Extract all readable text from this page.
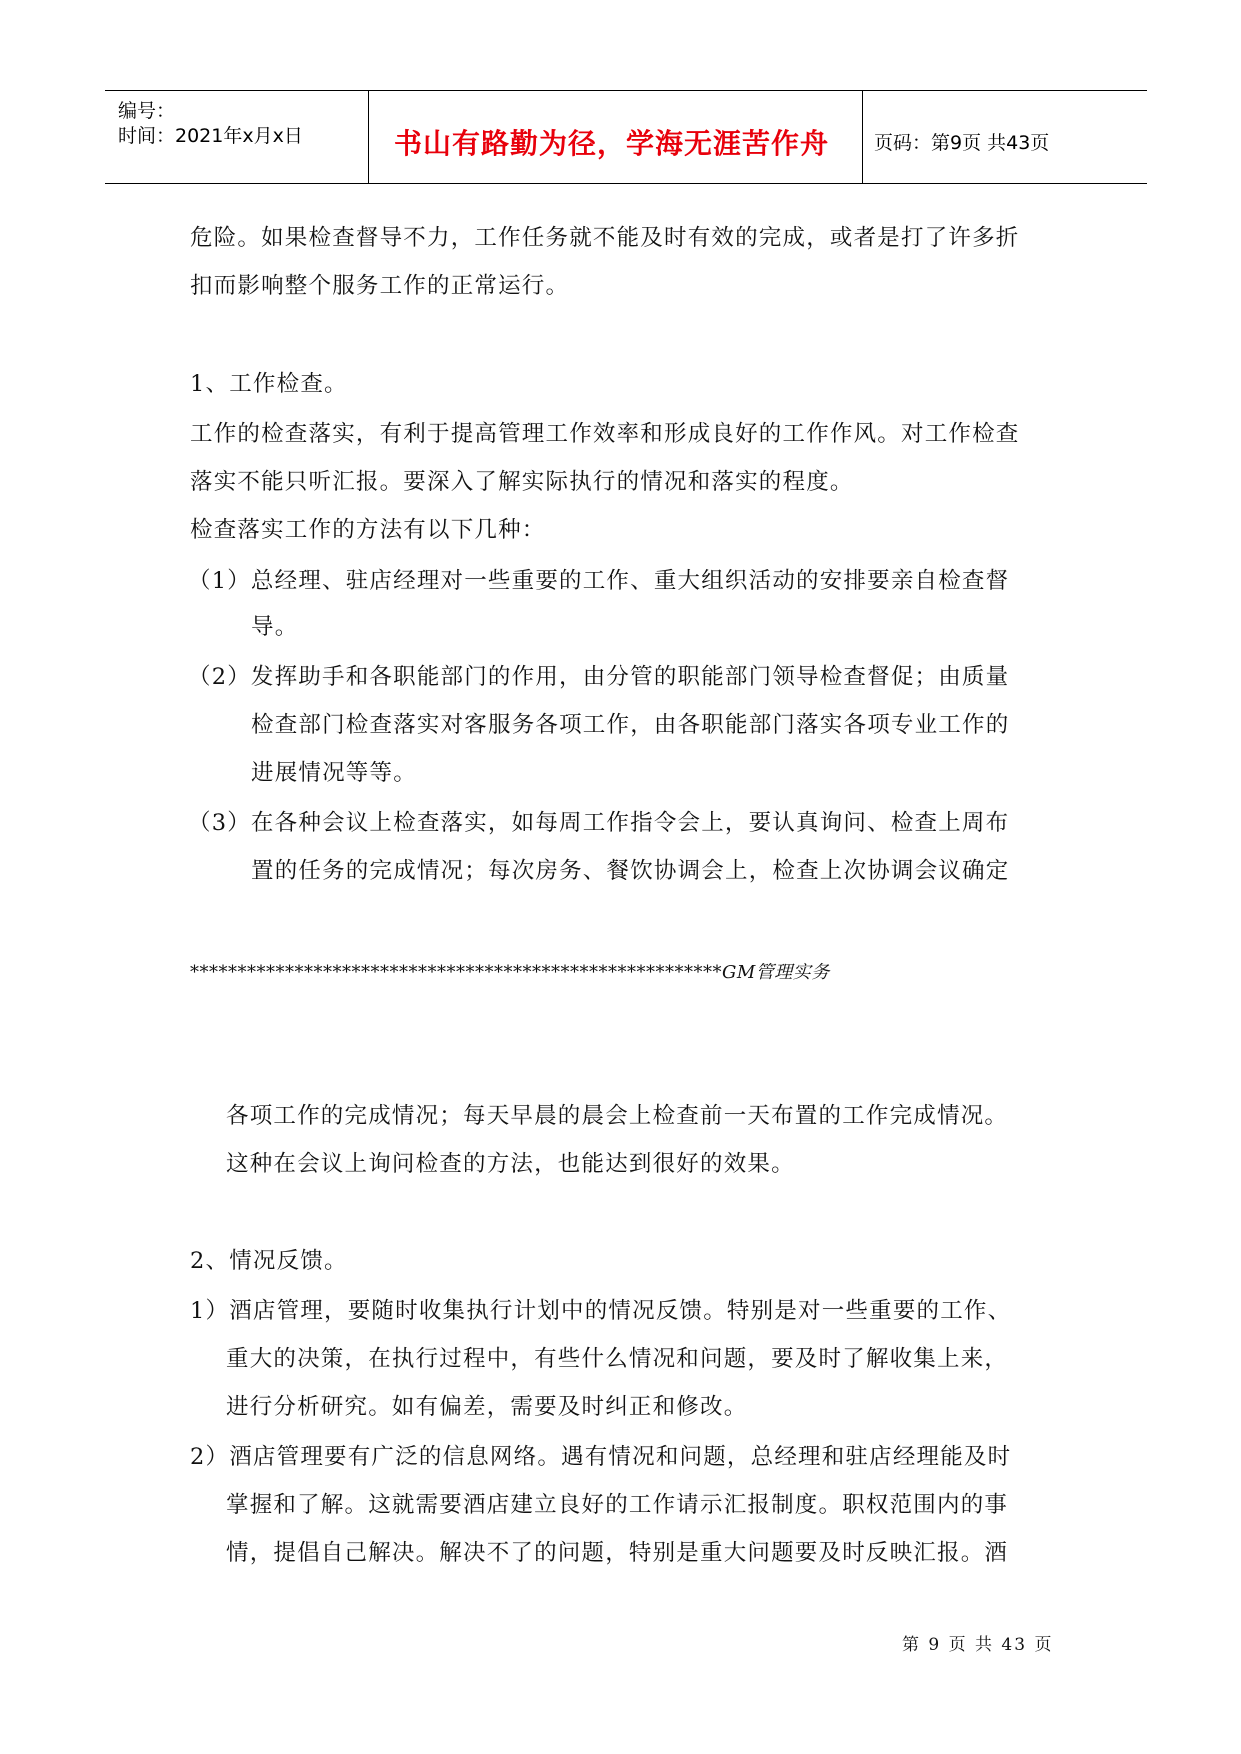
编号：
时间：2021年x月x日	书山有路勤为径，学海无涯苦作舟 页码：第9页 共43页
危险。如果检查督导不力，工作任务就不能及时有效的完成，或者是打了许多折
扣而影响整个服务工作的正常运行。
1、工作检查。
工作的检查落实，有利于提高管理工作效率和形成良好的工作作风。对工作检查
落实不能只听汇报。要深入了解实际执行的情况和落实的程度。
检查落实工作的方法有以下几种：
（1）总经理、驻店经理对一些重要的工作、重大组织活动的安排要亲自检查督
导。
（2）发挥助手和各职能部门的作用，由分管的职能部门领导检查督促；由质量
检查部门检查落实对客服务各项工作，由各职能部门落实各项专业工作的
进展情况等等。
（3）在各种会议上检查落实，如每周工作指令会上，要认真询问、检查上周布
置的任务的完成情况；每次房务、餐饮协调会上，检查上次协调会议确定
********************************************************GM管理实务
各项工作的完成情况；每天早晨的晨会上检查前一天布置的工作完成情况。
这种在会议上询问检查的方法，也能达到很好的效果。
2、情况反馈。
1）酒店管理，要随时收集执行计划中的情况反馈。特别是对一些重要的工作、
重大的决策，在执行过程中，有些什么情况和问题，要及时了解收集上来，
进行分析研究。如有偏差，需要及时纠正和修改。
2）酒店管理要有广泛的信息网络。遇有情况和问题，总经理和驻店经理能及时
掌握和了解。这就需要酒店建立良好的工作请示汇报制度。职权范围内的事
情，提倡自己解决。解决不了的问题，特别是重大问题要及时反映汇报。酒
第 9 页 共 43 页
